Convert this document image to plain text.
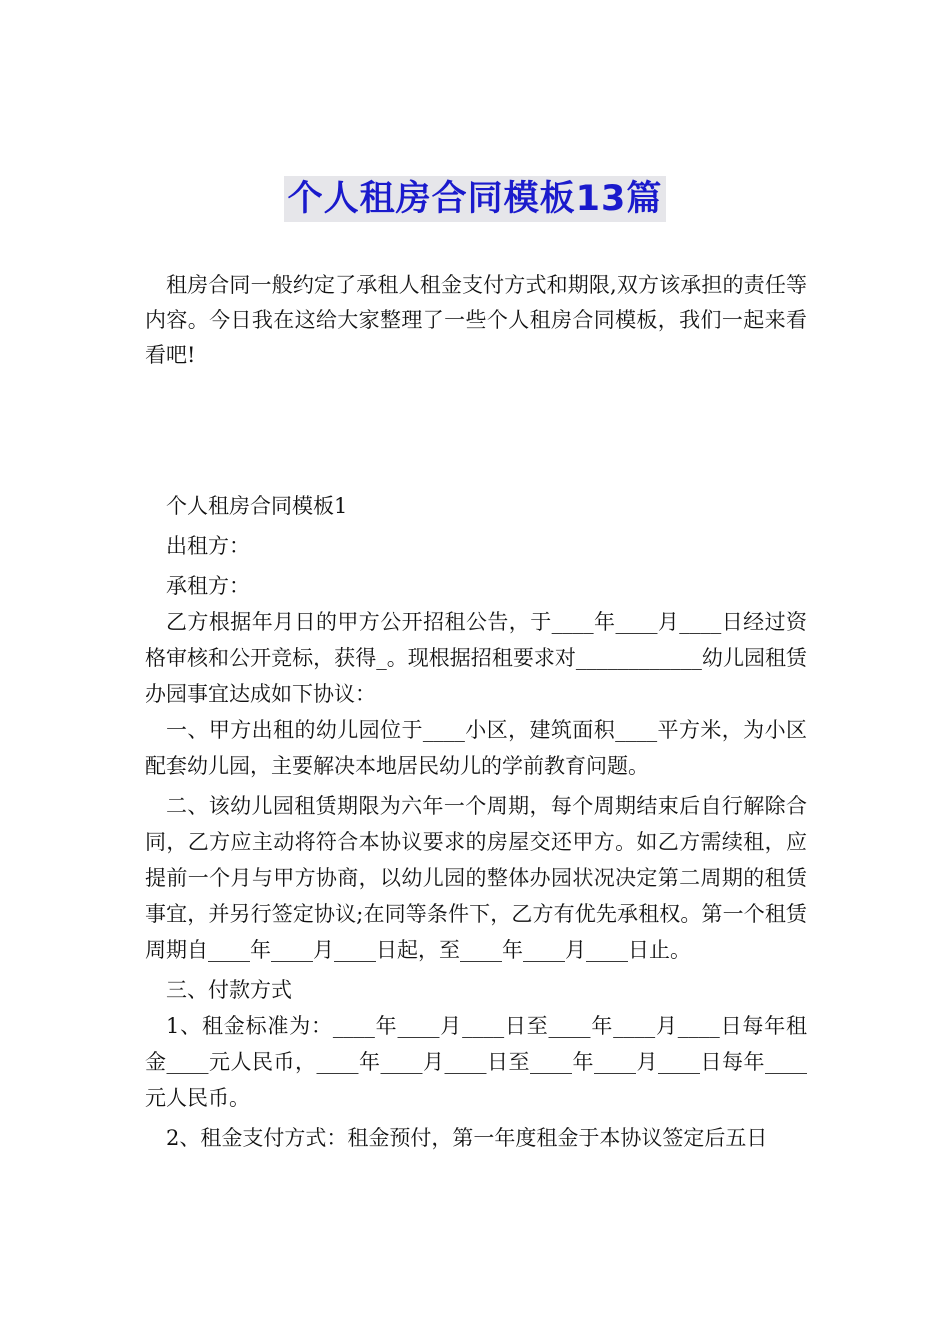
个人租房合同模板13篇

租房合同一般约定了承租人租金支付方式和期限,双方该承担的责任等内容。今日我在这给大家整理了一些个人租房合同模板，我们一起来看看吧!

个人租房合同模板1

出租方：

承租方：

乙方根据年月日的甲方公开招租公告，于____年____月____日经过资格审核和公开竞标，获得_。现根据招租要求对____________幼儿园租赁办园事宜达成如下协议：

一、甲方出租的幼儿园位于____小区，建筑面积____平方米，为小区配套幼儿园，主要解决本地居民幼儿的学前教育问题。

二、该幼儿园租赁期限为六年一个周期，每个周期结束后自行解除合同，乙方应主动将符合本协议要求的房屋交还甲方。如乙方需续租，应提前一个月与甲方协商，以幼儿园的整体办园状况决定第二周期的租赁事宜，并另行签定协议;在同等条件下，乙方有优先承租权。第一个租赁周期自____年____月____日起，至____年____月____日止。

三、付款方式

1、租金标准为：____年____月____日至____年____月____日每年租金____元人民币，____年____月____日至____年____月____日每年____元人民币。

2、租金支付方式：租金预付，第一年度租金于本协议签定后五日
